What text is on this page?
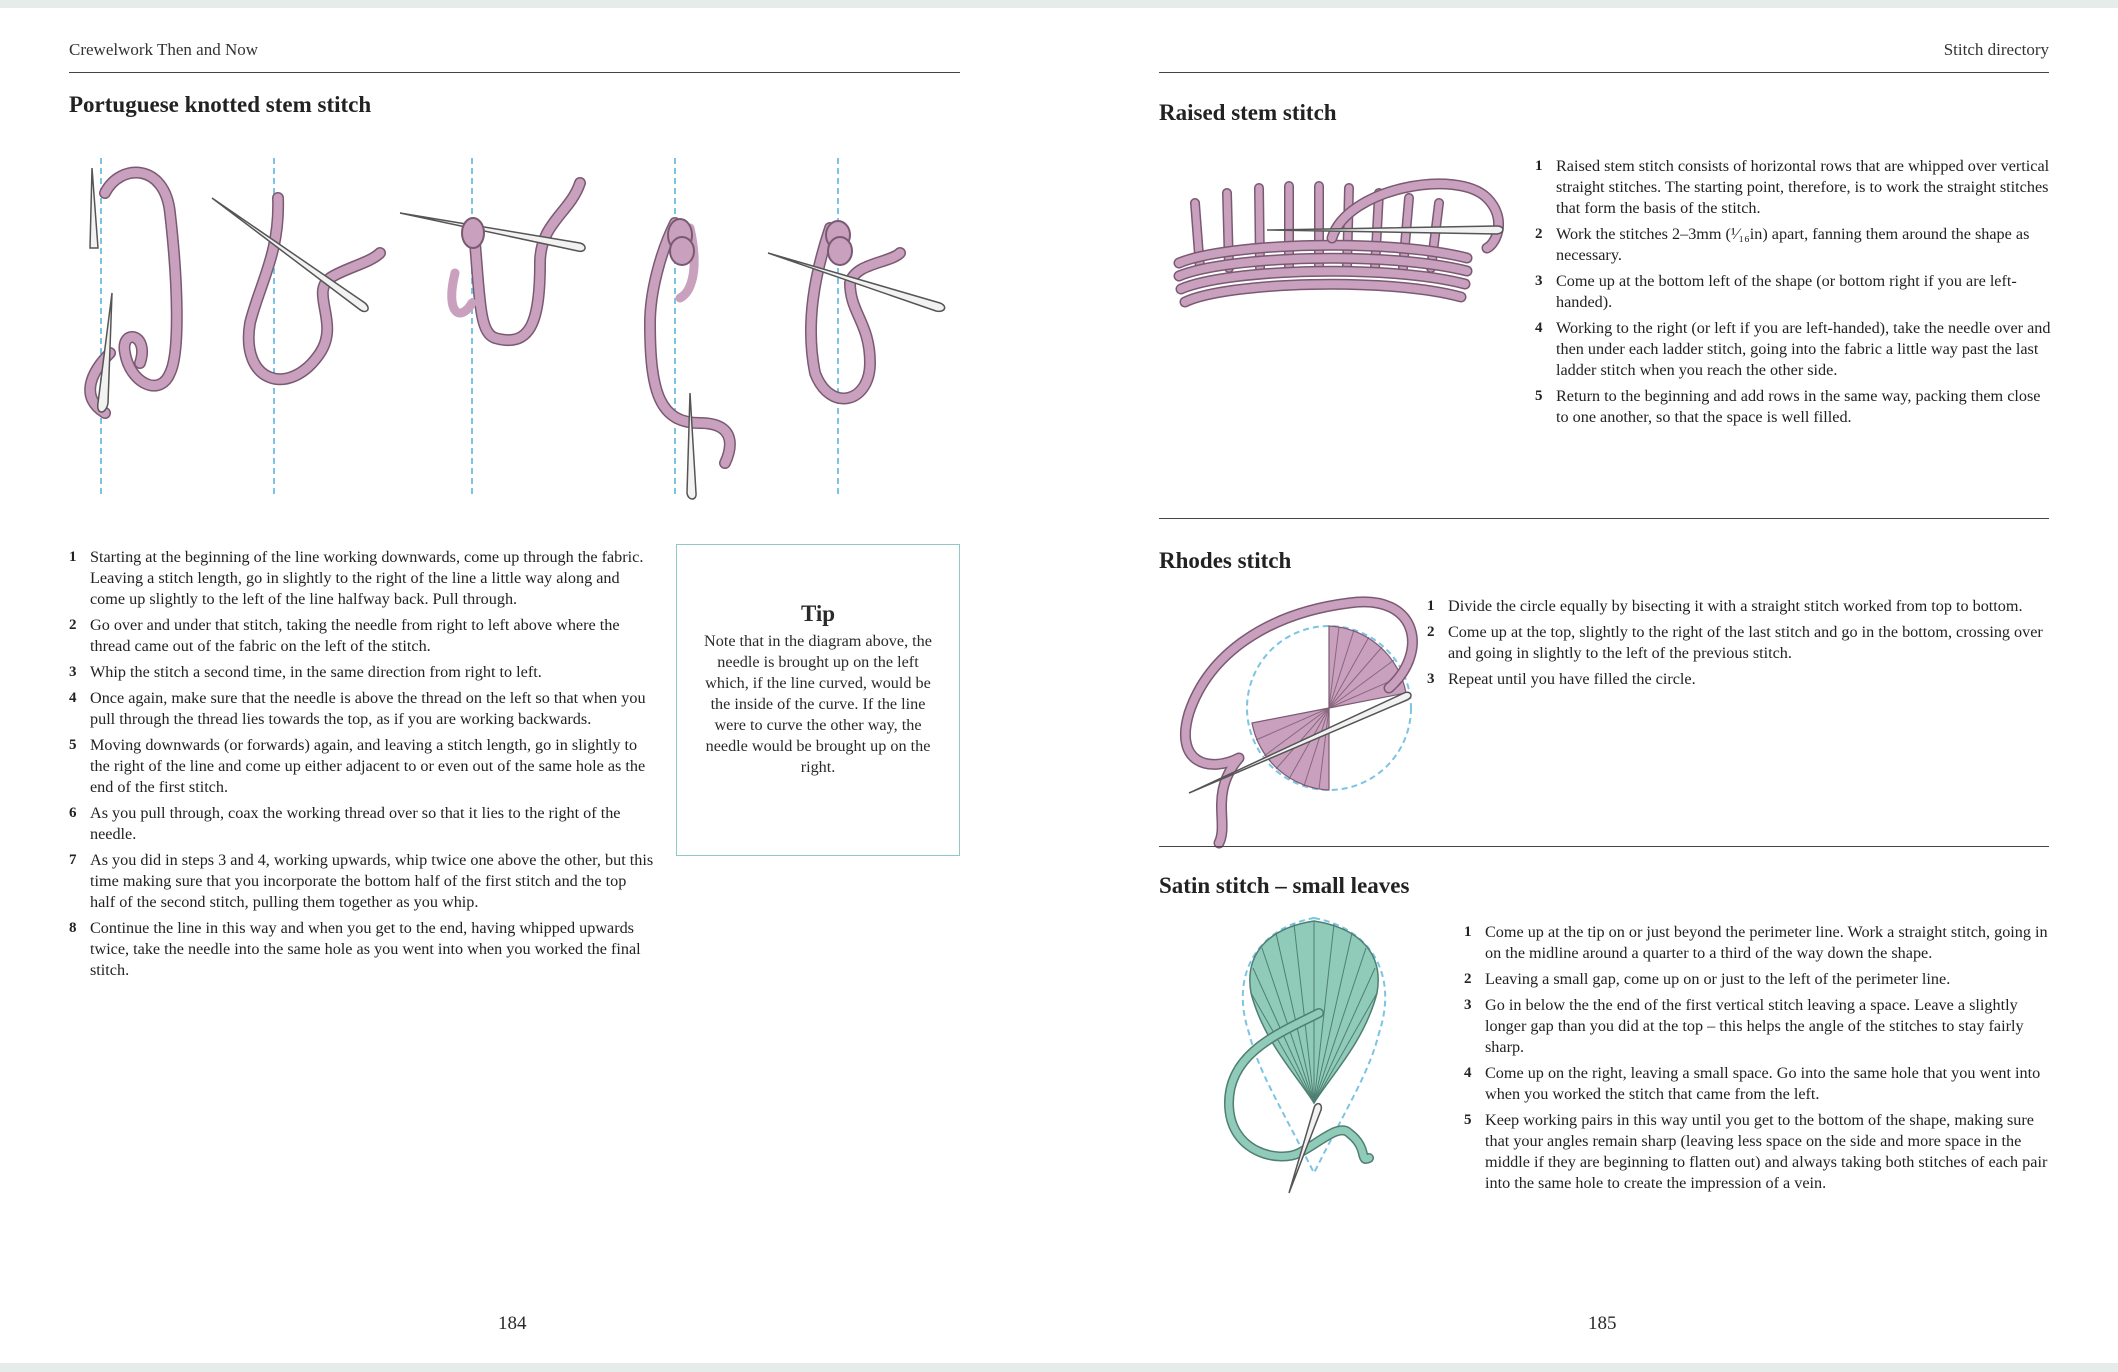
Crewelwork Then and Now
Portuguese knotted stem stitch
1 Starting at the beginning of the line working downwards, come up through the fabric. Leaving a stitch length, go in slightly to the right of the line a little way along and come up slightly to the left of the line halfway back. Pull through.
2 Go over and under that stitch, taking the needle from right to left above where the thread came out of the fabric on the left of the stitch.
3 Whip the stitch a second time, in the same direction from right to left.
4 Once again, make sure that the needle is above the thread on the left so that when you pull through the thread lies towards the top, as if you are working backwards.
5 Moving downwards (or forwards) again, and leaving a stitch length, go in slightly to the right of the line and come up either adjacent to or even out of the same hole as the end of the first stitch.
6 As you pull through, coax the working thread over so that it lies to the right of the needle.
7 As you did in steps 3 and 4, working upwards, whip twice one above the other, but this time making sure that you incorporate the bottom half of the first stitch and the top half of the second stitch, pulling them together as you whip.
8 Continue the line in this way and when you get to the end, having whipped upwards twice, take the needle into the same hole as you went into when you worked the final stitch.
Tip
Note that in the diagram above, the needle is brought up on the left which, if the line curved, would be the inside of the curve. If the line were to curve the other way, the needle would be brought up on the right.
184
Stitch directory
Raised stem stitch
1 Raised stem stitch consists of horizontal rows that are whipped over vertical straight stitches. The starting point, therefore, is to work the straight stitches that form the basis of the stitch.
2 Work the stitches 2–3mm (¹⁄₁₆in) apart, fanning them around the shape as necessary.
3 Come up at the bottom left of the shape (or bottom right if you are left-handed).
4 Working to the right (or left if you are left-handed), take the needle over and then under each ladder stitch, going into the fabric a little way past the last ladder stitch when you reach the other side.
5 Return to the beginning and add rows in the same way, packing them close to one another, so that the space is well filled.
Rhodes stitch
1 Divide the circle equally by bisecting it with a straight stitch worked from top to bottom.
2 Come up at the top, slightly to the right of the last stitch and go in the bottom, crossing over and going in slightly to the left of the previous stitch.
3 Repeat until you have filled the circle.
Satin stitch – small leaves
1 Come up at the tip on or just beyond the perimeter line. Work a straight stitch, going in on the midline around a quarter to a third of the way down the shape.
2 Leaving a small gap, come up on or just to the left of the perimeter line.
3 Go in below the the end of the first vertical stitch leaving a space. Leave a slightly longer gap than you did at the top – this helps the angle of the stitches to stay fairly sharp.
4 Come up on the right, leaving a small space. Go into the same hole that you went into when you worked the stitch that came from the left.
5 Keep working pairs in this way until you get to the bottom of the shape, making sure that your angles remain sharp (leaving less space on the side and more space in the middle if they are beginning to flatten out) and always taking both stitches of each pair into the same hole to create the impression of a vein.
185
